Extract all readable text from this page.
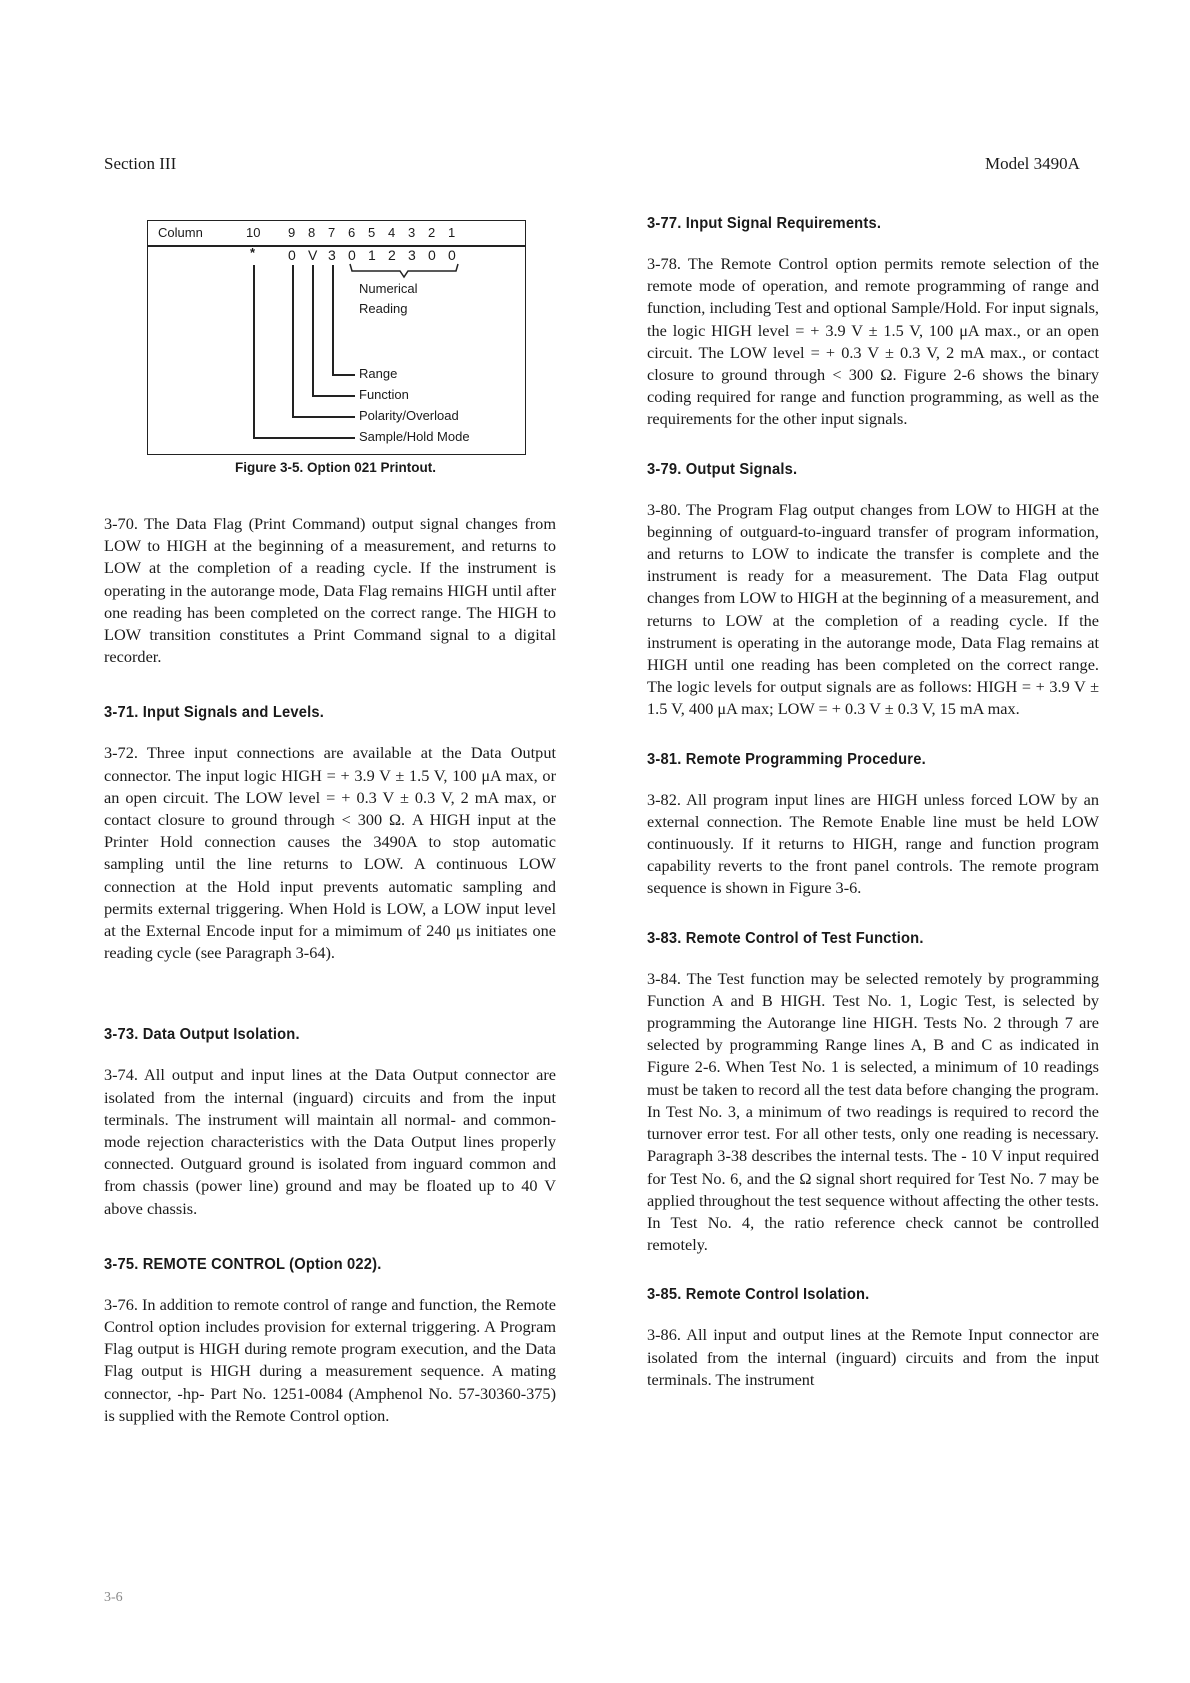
Section III	Model 3490A
Column	10 9 8 7 6 5 4 3 2 1
* 0 V 3 0 1 2 3 0 0
Numerical
Reading
Range
Function
Polarity/Overload
Sample/Hold Mode
Figure 3-5. Option 021 Printout.

3-70. The Data Flag (Print Command) output signal changes from LOW to HIGH at the beginning of a measurement, and returns to LOW at the completion of a reading cycle. If the instrument is operating in the autorange mode, Data Flag remains HIGH until after one reading has been completed on the correct range. The HIGH to LOW transition constitutes a Print Command signal to a digital recorder.

3-71. Input Signals and Levels.

3-72. Three input connections are available at the Data Output connector. The input logic HIGH = + 3.9 V ± 1.5 V, 100 μA max, or an open circuit. The LOW level = + 0.3 V ± 0.3 V, 2 mA max, or contact closure to ground through < 300 Ω. A HIGH input at the Printer Hold connection causes the 3490A to stop automatic sampling until the line returns to LOW. A continuous LOW connection at the Hold input prevents automatic sampling and permits external triggering. When Hold is LOW, a LOW input level at the External Encode input for a mimimum of 240 μs initiates one reading cycle (see Paragraph 3-64).

3-73. Data Output Isolation.

3-74. All output and input lines at the Data Output connector are isolated from the internal (inguard) circuits and from the input terminals. The instrument will maintain all normal- and common-mode rejection characteristics with the Data Output lines properly connected. Outguard ground is isolated from inguard common and from chassis (power line) ground and may be floated up to 40 V above chassis.

3-75. REMOTE CONTROL (Option 022).

3-76. In addition to remote control of range and function, the Remote Control option includes provision for external triggering. A Program Flag output is HIGH during remote program execution, and the Data Flag output is HIGH during a measurement sequence. A mating connector, -hp- Part No. 1251-0084 (Amphenol No. 57-30360-375) is supplied with the Remote Control option.

3-77. Input Signal Requirements.

3-78. The Remote Control option permits remote selection of the remote mode of operation, and remote programming of range and function, including Test and optional Sample/Hold. For input signals, the logic HIGH level = + 3.9 V ± 1.5 V, 100 μA max., or an open circuit. The LOW level = + 0.3 V ± 0.3 V, 2 mA max., or contact closure to ground through < 300 Ω. Figure 2-6 shows the binary coding required for range and function programming, as well as the requirements for the other input signals.

3-79. Output Signals.

3-80. The Program Flag output changes from LOW to HIGH at the beginning of outguard-to-inguard transfer of program information, and returns to LOW to indicate the transfer is complete and the instrument is ready for a measurement. The Data Flag output changes from LOW to HIGH at the beginning of a measurement, and returns to LOW at the completion of a reading cycle. If the instrument is operating in the autorange mode, Data Flag remains at HIGH until one reading has been completed on the correct range. The logic levels for output signals are as follows: HIGH = + 3.9 V ± 1.5 V, 400 μA max; LOW = + 0.3 V ± 0.3 V, 15 mA max.

3-81. Remote Programming Procedure.

3-82. All program input lines are HIGH unless forced LOW by an external connection. The Remote Enable line must be held LOW continuously. If it returns to HIGH, range and function program capability reverts to the front panel controls. The remote program sequence is shown in Figure 3-6.

3-83. Remote Control of Test Function.

3-84. The Test function may be selected remotely by programming Function A and B HIGH. Test No. 1, Logic Test, is selected by programming the Autorange line HIGH. Tests No. 2 through 7 are selected by programming Range lines A, B and C as indicated in Figure 2-6. When Test No. 1 is selected, a minimum of 10 readings must be taken to record all the test data before changing the program. In Test No. 3, a minimum of two readings is required to record the turnover error test. For all other tests, only one reading is necessary. Paragraph 3-38 describes the internal tests. The - 10 V input required for Test No. 6, and the Ω signal short required for Test No. 7 may be applied throughout the test sequence without affecting the other tests. In Test No. 4, the ratio reference check cannot be controlled remotely.

3-85. Remote Control Isolation.

3-86. All input and output lines at the Remote Input connector are isolated from the internal (inguard) circuits and from the input terminals. The instrument

3-6
